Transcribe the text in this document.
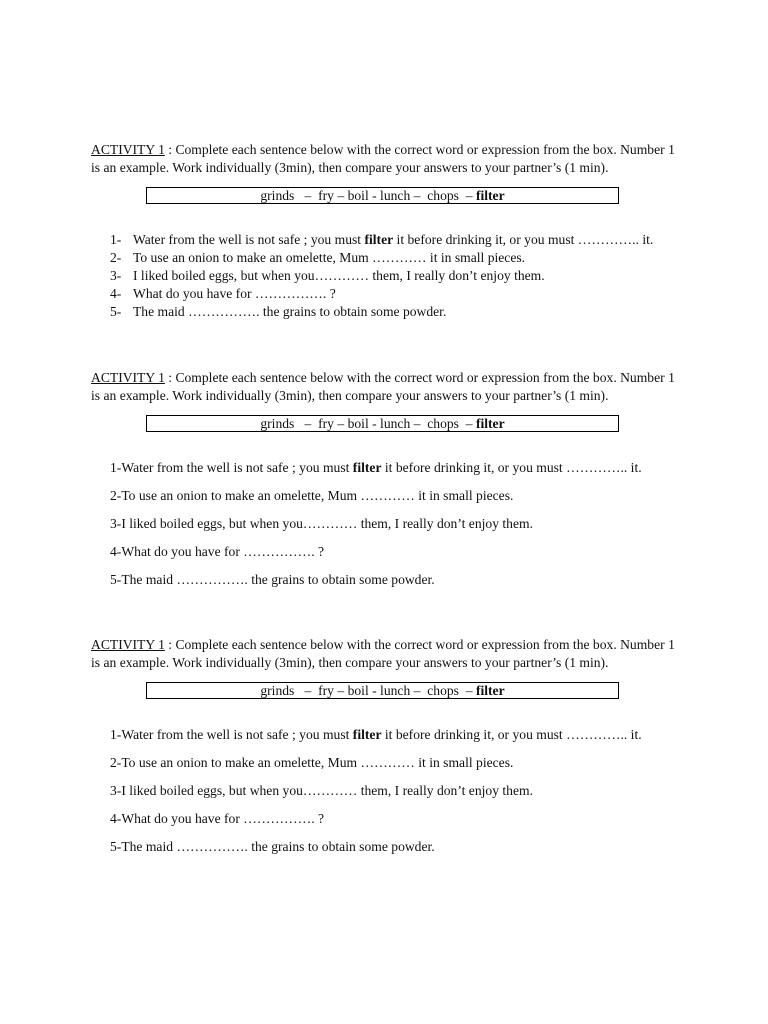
ACTIVITY 1 : Complete each sentence below with the correct word or expression from the box. Number 1 is an example. Work individually (3min), then compare your answers to your partner’s (1 min).

grinds   –  fry – boil - lunch –  chops  – filter
1- Water from the well is not safe ; you must filter it before drinking it, or you must ………….. it.
2- To use an onion to make an omelette, Mum ………… it in small pieces.
3- I liked boiled eggs, but when you………… them, I really don’t enjoy them.
4- What do you have for ……………. ?
5- The maid ……………. the grains to obtain some powder.

ACTIVITY 1 : Complete each sentence below with the correct word or expression from the box. Number 1 is an example. Work individually (3min), then compare your answers to your partner’s (1 min).

grinds   –  fry – boil - lunch –  chops  – filter

1-Water from the well is not safe ; you must filter it before drinking it, or you must ………….. it.

2-To use an onion to make an omelette, Mum ………… it in small pieces.

3-I liked boiled eggs, but when you………… them, I really don’t enjoy them.

4-What do you have for ……………. ?

5-The maid ……………. the grains to obtain some powder.

ACTIVITY 1 : Complete each sentence below with the correct word or expression from the box. Number 1 is an example. Work individually (3min), then compare your answers to your partner’s (1 min).

grinds   –  fry – boil - lunch –  chops  – filter

1-Water from the well is not safe ; you must filter it before drinking it, or you must ………….. it.

2-To use an onion to make an omelette, Mum ………… it in small pieces.

3-I liked boiled eggs, but when you………… them, I really don’t enjoy them.

4-What do you have for ……………. ?

5-The maid ……………. the grains to obtain some powder.
